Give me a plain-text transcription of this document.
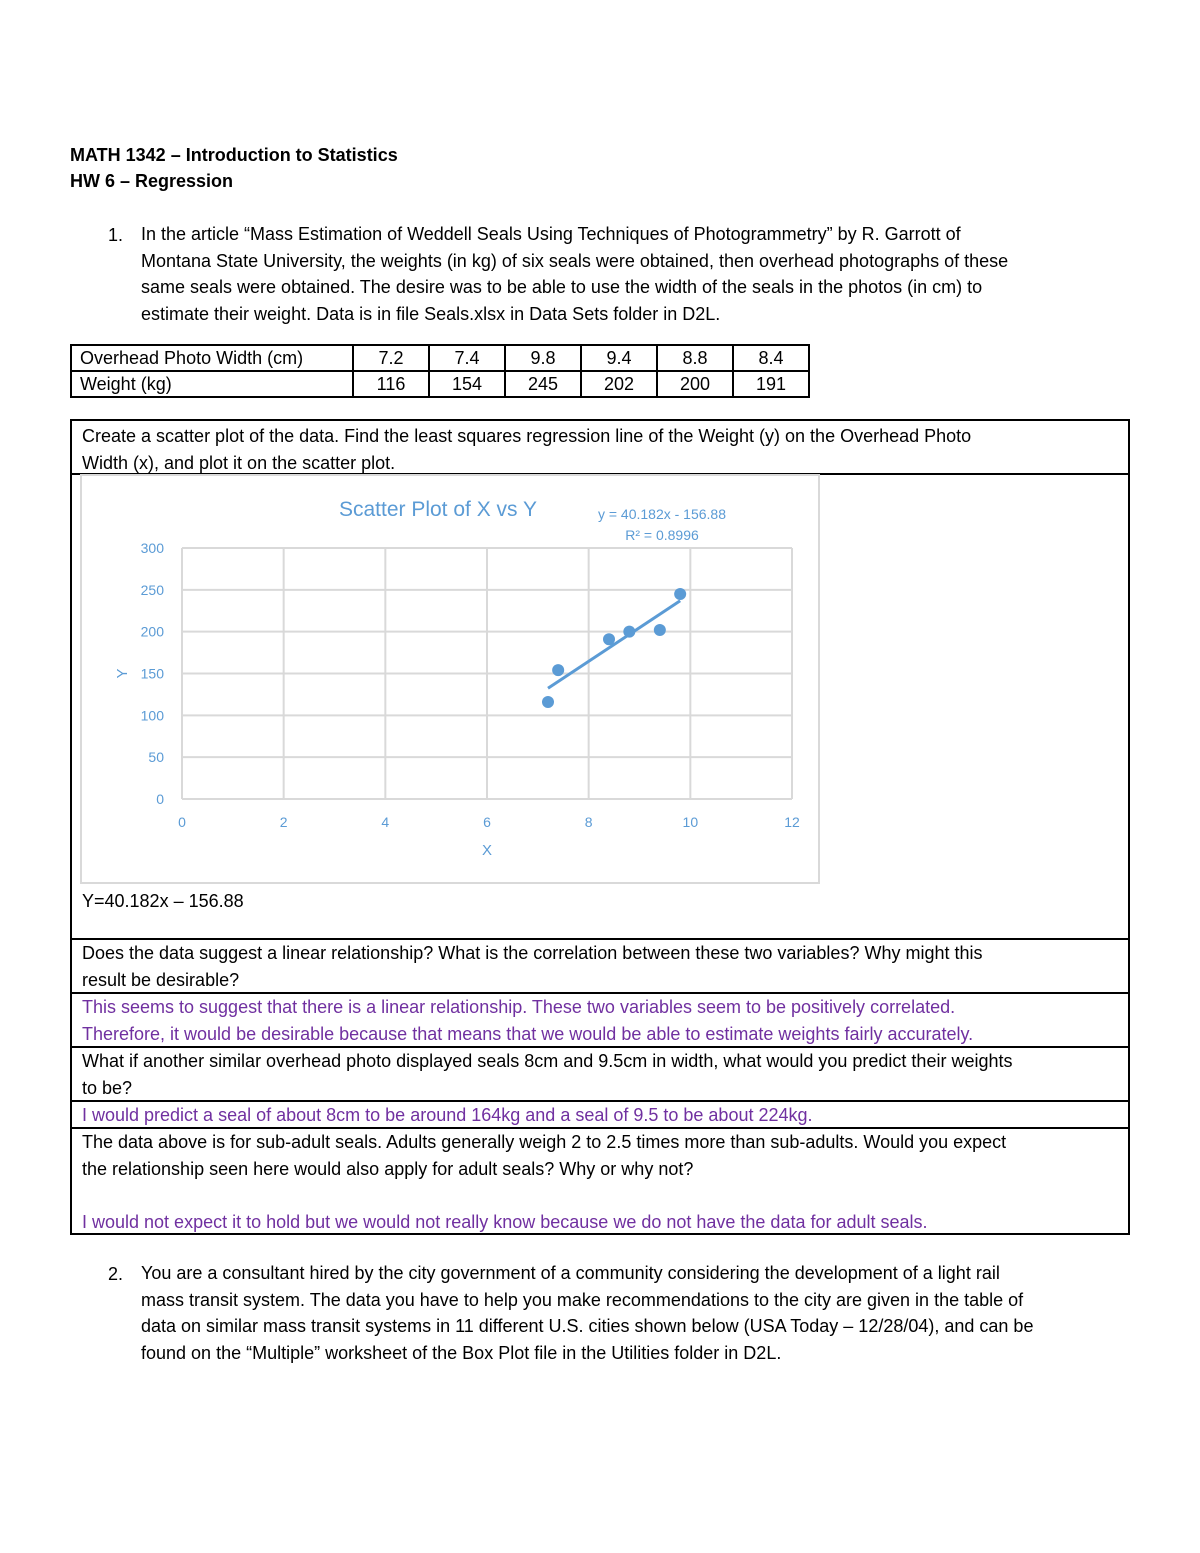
MATH 1342 – Introduction to Statistics
HW 6 – Regression
1. In the article “Mass Estimation of Weddell Seals Using Techniques of Photogrammetry” by R. Garrott of
Montana State University, the weights (in kg) of six seals were obtained, then overhead photographs of these
same seals were obtained. The desire was to be able to use the width of the seals in the photos (in cm) to
estimate their weight. Data is in file Seals.xlsx in Data Sets folder in D2L.
Overhead Photo Width (cm)	7.2	7.4	9.8	9.4	8.8	8.4
Weight (kg)	116	154	245	202	200	191
Create a scatter plot of the data. Find the least squares regression line of the Weight (y) on the Overhead Photo
Width (x), and plot it on the scatter plot.
Y=40.182x – 156.88
0
50
100
150
200
250
300
0	2	4	6	8	10	12
X
Y
Scatter Plot of X vs Y	y = 40.182x - 156.88
R² = 0.8996
Does the data suggest a linear relationship? What is the correlation between these two variables? Why might this
result be desirable?
This seems to suggest that there is a linear relationship. These two variables seem to be positively correlated.
Therefore, it would be desirable because that means that we would be able to estimate weights fairly accurately.
What if another similar overhead photo displayed seals 8cm and 9.5cm in width, what would you predict their weights
to be?
I would predict a seal of about 8cm to be around 164kg and a seal of 9.5 to be about 224kg.
The data above is for sub-adult seals. Adults generally weigh 2 to 2.5 times more than sub-adults. Would you expect
the relationship seen here would also apply for adult seals? Why or why not?
I would not expect it to hold but we would not really know because we do not have the data for adult seals.
2. You are a consultant hired by the city government of a community considering the development of a light rail
mass transit system. The data you have to help you make recommendations to the city are given in the table of
data on similar mass transit systems in 11 different U.S. cities shown below (USA Today – 12/28/04), and can be
found on the “Multiple” worksheet of the Box Plot file in the Utilities folder in D2L.
